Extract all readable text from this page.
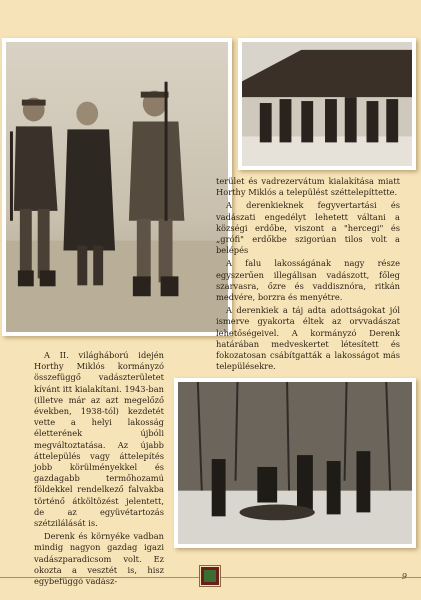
A II. világháború idején Horthy Miklós kormányzó összefüggő vadászterületet kívánt itt kialakítani. 1943-ban (illetve már az azt megelőző években, 1938-tól) kezdetét vette a helyi lakosság életterének újbóli megváltoztatása. Az újabb áttelepülés vagy áttelepítés jobb körülményekkel és gazdagabb termőhozamú földekkel rendelkező falvakba történő átköltözést jelentett, de az együvétartozás szétzilálását is.

Derenk és környéke vadban mindig nagyon gazdag igazi vadászparadicsom volt. Ez okozta a vesztét is, hisz egybefüggő vadász-

terület és vadrezervátum kialakítása miatt Horthy Miklós a települést széttelepíttette.

A derenkieknek fegyvertartási és vadászati engedélyt lehetett váltani a községi erdőbe, viszont a "hercegi" és „grófi" erdőkbe szigorúan tilos volt a belépés

A falu lakosságának nagy része egyszerűen illegálisan vadászott, főleg szarvasra, őzre és vaddisznóra, ritkán medvére, borzra és menyétre.

A derenkiek a táj adta adottságokat jól ismerve gyakorta éltek az orvvadászat lehetőségeivel. A kormányzó Derenk határában medveskertet létesített és fokozatosan csábítgatták a lakosságot más településekre.

9
